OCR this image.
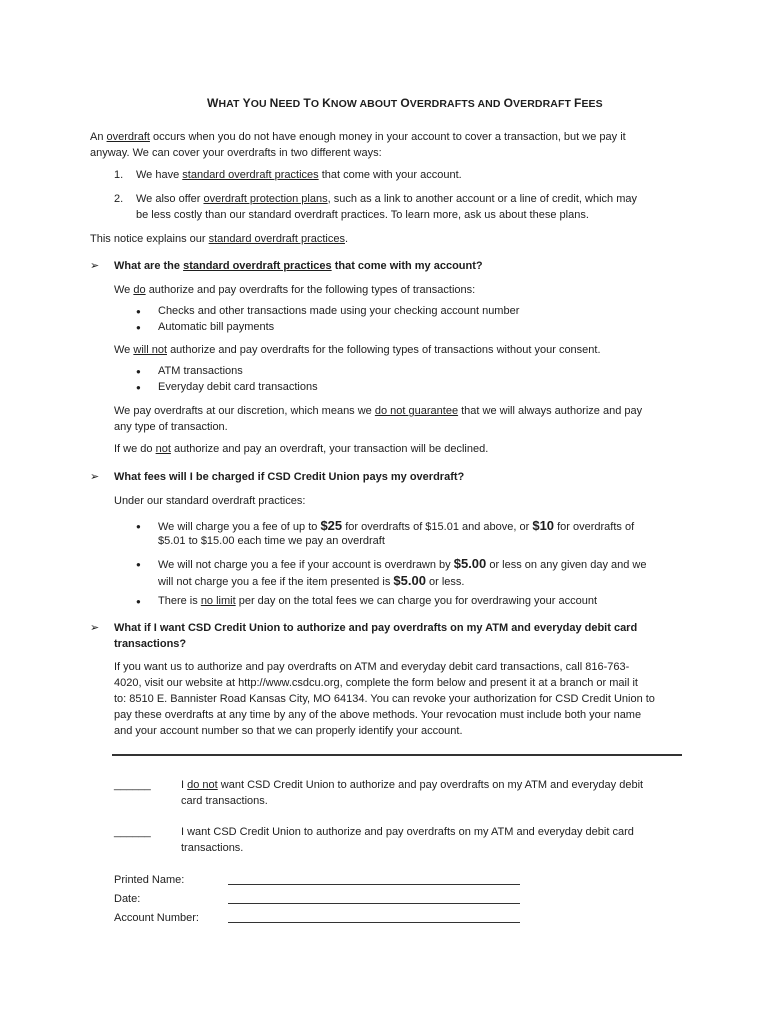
WHAT YOU NEED TO KNOW ABOUT OVERDRAFTS AND OVERDRAFT FEES
An overdraft occurs when you do not have enough money in your account to cover a transaction, but we pay it
anyway. We can cover your overdrafts in two different ways:
1. We have standard overdraft practices that come with your account.
2. We also offer overdraft protection plans, such as a link to another account or a line of credit, which may
be less costly than our standard overdraft practices. To learn more, ask us about these plans.
This notice explains our standard overdraft practices.
➢ What are the standard overdraft practices that come with my account?
We do authorize and pay overdrafts for the following types of transactions:
● Checks and other transactions made using your checking account number
● Automatic bill payments
We will not authorize and pay overdrafts for the following types of transactions without your consent.
● ATM transactions
● Everyday debit card transactions
We pay overdrafts at our discretion, which means we do not guarantee that we will always authorize and pay
any type of transaction.
If we do not authorize and pay an overdraft, your transaction will be declined.
➢ What fees will I be charged if CSD Credit Union pays my overdraft?
Under our standard overdraft practices:
● We will charge you a fee of up to $25 for overdrafts of $15.01 and above, or $10 for overdrafts of
$5.01 to $15.00 each time we pay an overdraft
● We will not charge you a fee if your account is overdrawn by $5.00 or less on any given day and we
will not charge you a fee if the item presented is $5.00 or less.
● There is no limit per day on the total fees we can charge you for overdrawing your account
➢ What if I want CSD Credit Union to authorize and pay overdrafts on my ATM and everyday debit card
transactions?
If you want us to authorize and pay overdrafts on ATM and everyday debit card transactions, call 816-763-
4020, visit our website at http://www.csdcu.org, complete the form below and present it at a branch or mail it
to: 8510 E. Bannister Road Kansas City, MO 64134. You can revoke your authorization for CSD Credit Union to
pay these overdrafts at any time by any of the above methods. Your revocation must include both your name
and your account number so that we can properly identify your account.
______	I do not want CSD Credit Union to authorize and pay overdrafts on my ATM and everyday debit
card transactions.
______	I want CSD Credit Union to authorize and pay overdrafts on my ATM and everyday debit card
transactions.
Printed Name:
Date:
Account Number:
